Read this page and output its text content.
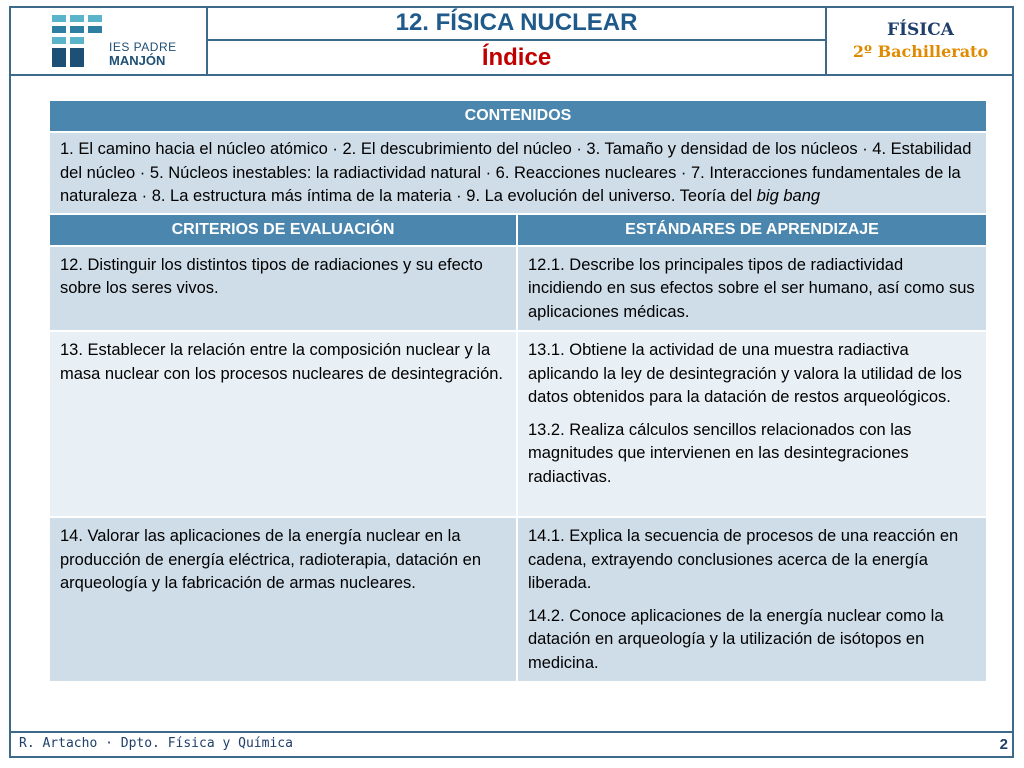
IES PADRE
MANJÓN
12. FÍSICA NUCLEAR
Índice
FÍSICA
2º Bachillerato
CONTENIDOS	
1. El camino hacia el núcleo atómico · 2. El descubrimiento del núcleo · 3. Tamaño y densidad de los núcleos · 4. Estabilidad del núcleo · 5. Núcleos inestables: la radiactividad natural · 6. Reacciones nucleares · 7. Interacciones fundamentales de la naturaleza · 8. La estructura más íntima de la materia · 9. La evolución del universo. Teoría del big bang	
CRITERIOS DE EVALUACIÓN	ESTÁNDARES DE APRENDIZAJE
12. Distinguir los distintos tipos de radiaciones y su efecto sobre los seres vivos.	12.1. Describe los principales tipos de radiactividad incidiendo en sus efectos sobre el ser humano, así como sus aplicaciones médicas.

13. Establecer la relación entre la composición nuclear y la masa nuclear con los procesos nucleares de desintegración.	13.1. Obtiene la actividad de una muestra radiactiva aplicando la ley de desintegración y valora la utilidad de los datos obtenidos para la datación de restos arqueológicos.

13.2. Realiza cálculos sencillos relacionados con las magnitudes que intervienen en las desintegraciones radiactivas.

14. Valorar las aplicaciones de la energía nuclear en la producción de energía eléctrica, radioterapia, datación en arqueología y la fabricación de armas nucleares.	14.1. Explica la secuencia de procesos de una reacción en cadena, extrayendo conclusiones acerca de la energía liberada.

14.2. Conoce aplicaciones de la energía nuclear como la datación en arqueología y la utilización de isótopos en medicina.

R. Artacho · Dpto. Física y Química	2
